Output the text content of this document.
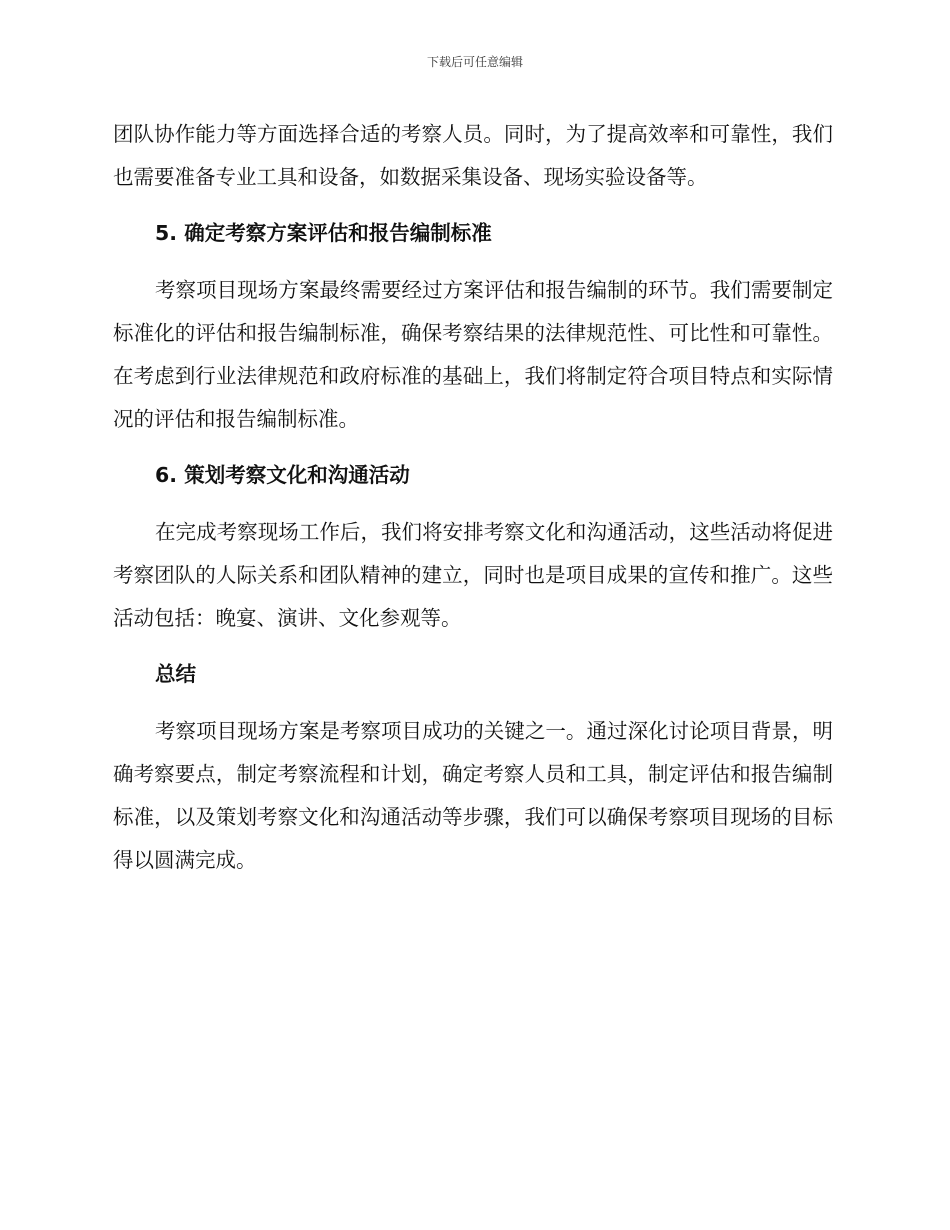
下载后可任意编辑

团队协作能力等方面选择合适的考察人员。同时，为了提高效率和可靠性，我们也需要准备专业工具和设备，如数据采集设备、现场实验设备等。

5. 确定考察方案评估和报告编制标准

考察项目现场方案最终需要经过方案评估和报告编制的环节。我们需要制定标准化的评估和报告编制标准，确保考察结果的法律规范性、可比性和可靠性。在考虑到行业法律规范和政府标准的基础上，我们将制定符合项目特点和实际情况的评估和报告编制标准。

6. 策划考察文化和沟通活动

在完成考察现场工作后，我们将安排考察文化和沟通活动，这些活动将促进考察团队的人际关系和团队精神的建立，同时也是项目成果的宣传和推广。这些活动包括：晚宴、演讲、文化参观等。

总结

考察项目现场方案是考察项目成功的关键之一。通过深化讨论项目背景，明确考察要点，制定考察流程和计划，确定考察人员和工具，制定评估和报告编制标准，以及策划考察文化和沟通活动等步骤，我们可以确保考察项目现场的目标得以圆满完成。
